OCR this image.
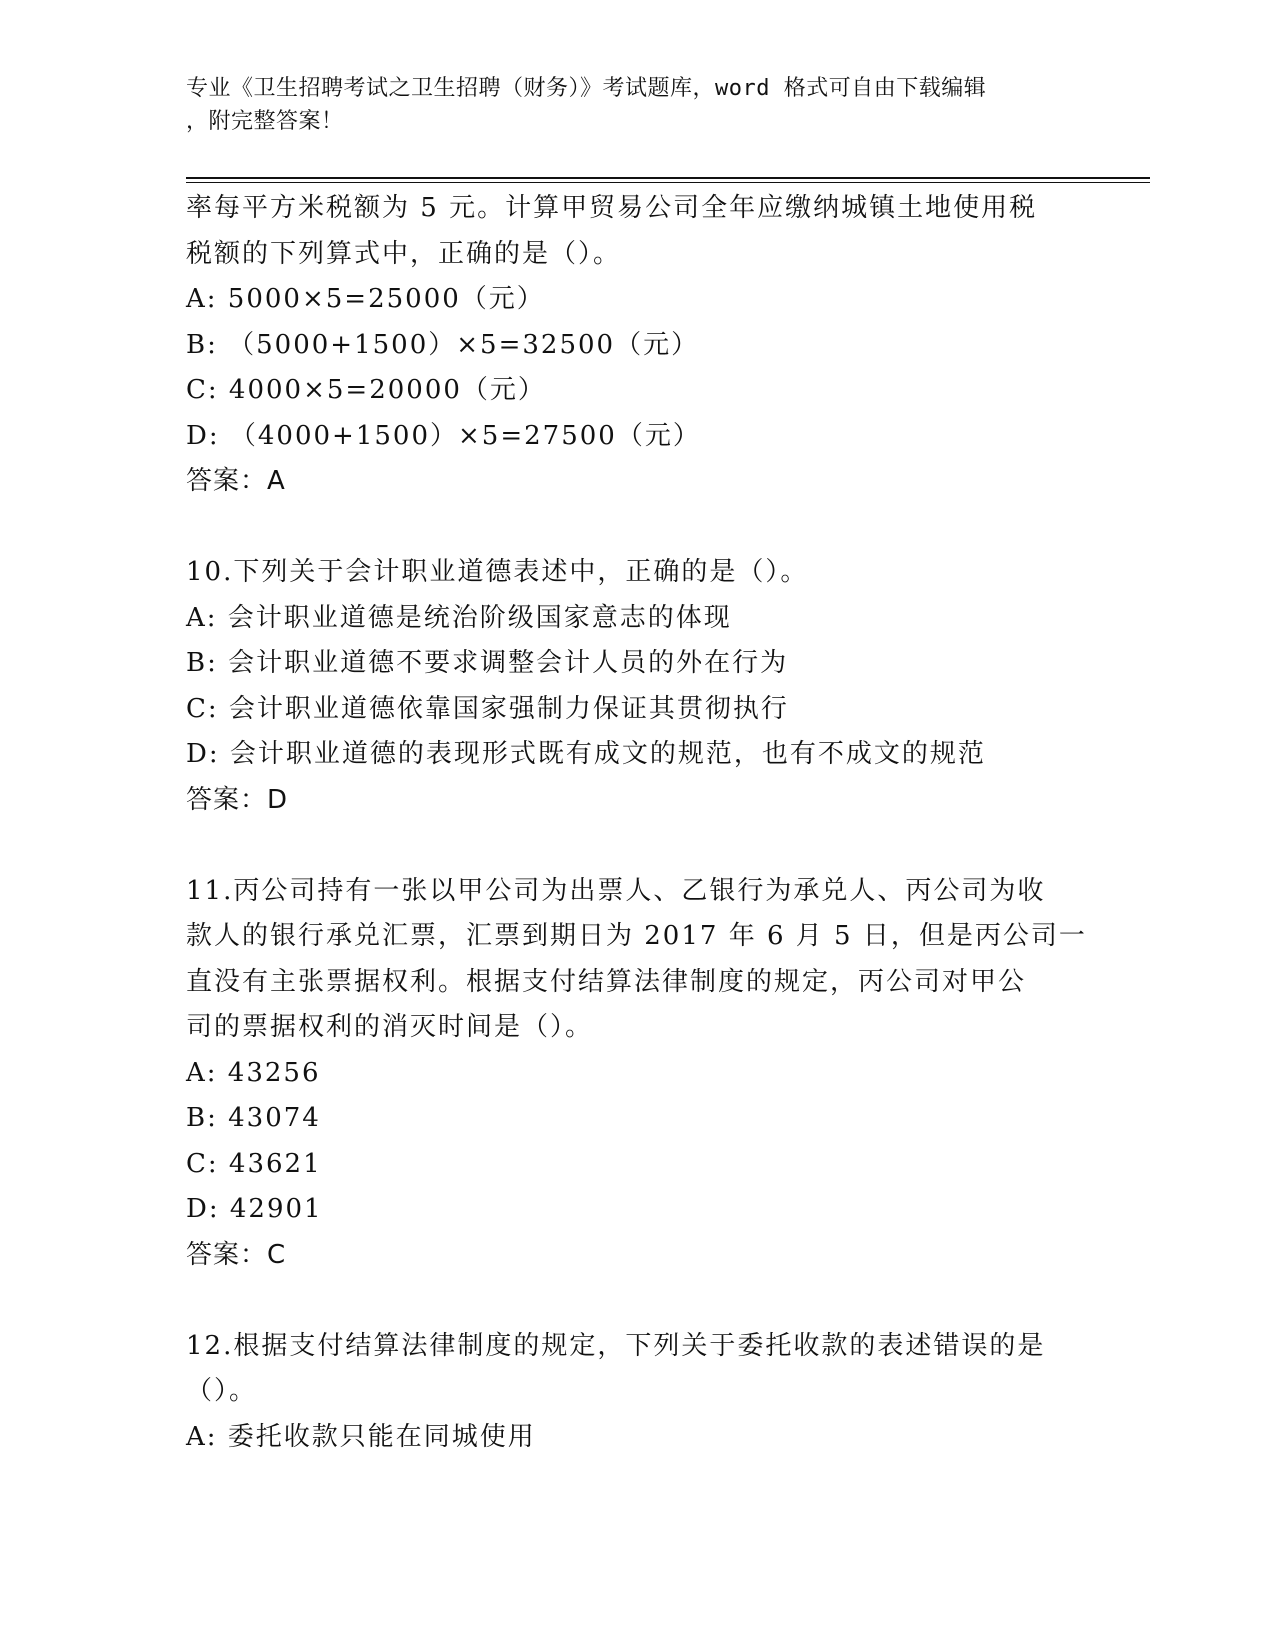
专业《卫生招聘考试之卫生招聘（财务）》考试题库，word 格式可自由下载编辑
，附完整答案！
率每平方米税额为 5 元。计算甲贸易公司全年应缴纳城镇土地使用税
税额的下列算式中，正确的是（）。
A: 5000×5=25000（元）
B: （5000+1500）×5=32500（元）
C: 4000×5=20000（元）
D: （4000+1500）×5=27500（元）
答案：A
10.下列关于会计职业道德表述中，正确的是（）。
A: 会计职业道德是统治阶级国家意志的体现
B: 会计职业道德不要求调整会计人员的外在行为
C: 会计职业道德依靠国家强制力保证其贯彻执行
D: 会计职业道德的表现形式既有成文的规范，也有不成文的规范
答案：D
11.丙公司持有一张以甲公司为出票人、乙银行为承兑人、丙公司为收
款人的银行承兑汇票，汇票到期日为 2017 年 6 月 5 日，但是丙公司一
直没有主张票据权利。根据支付结算法律制度的规定，丙公司对甲公
司的票据权利的消灭时间是（）。
A: 43256
B: 43074
C: 43621
D: 42901
答案：C
12.根据支付结算法律制度的规定，下列关于委托收款的表述错误的是
（）。
A: 委托收款只能在同城使用
